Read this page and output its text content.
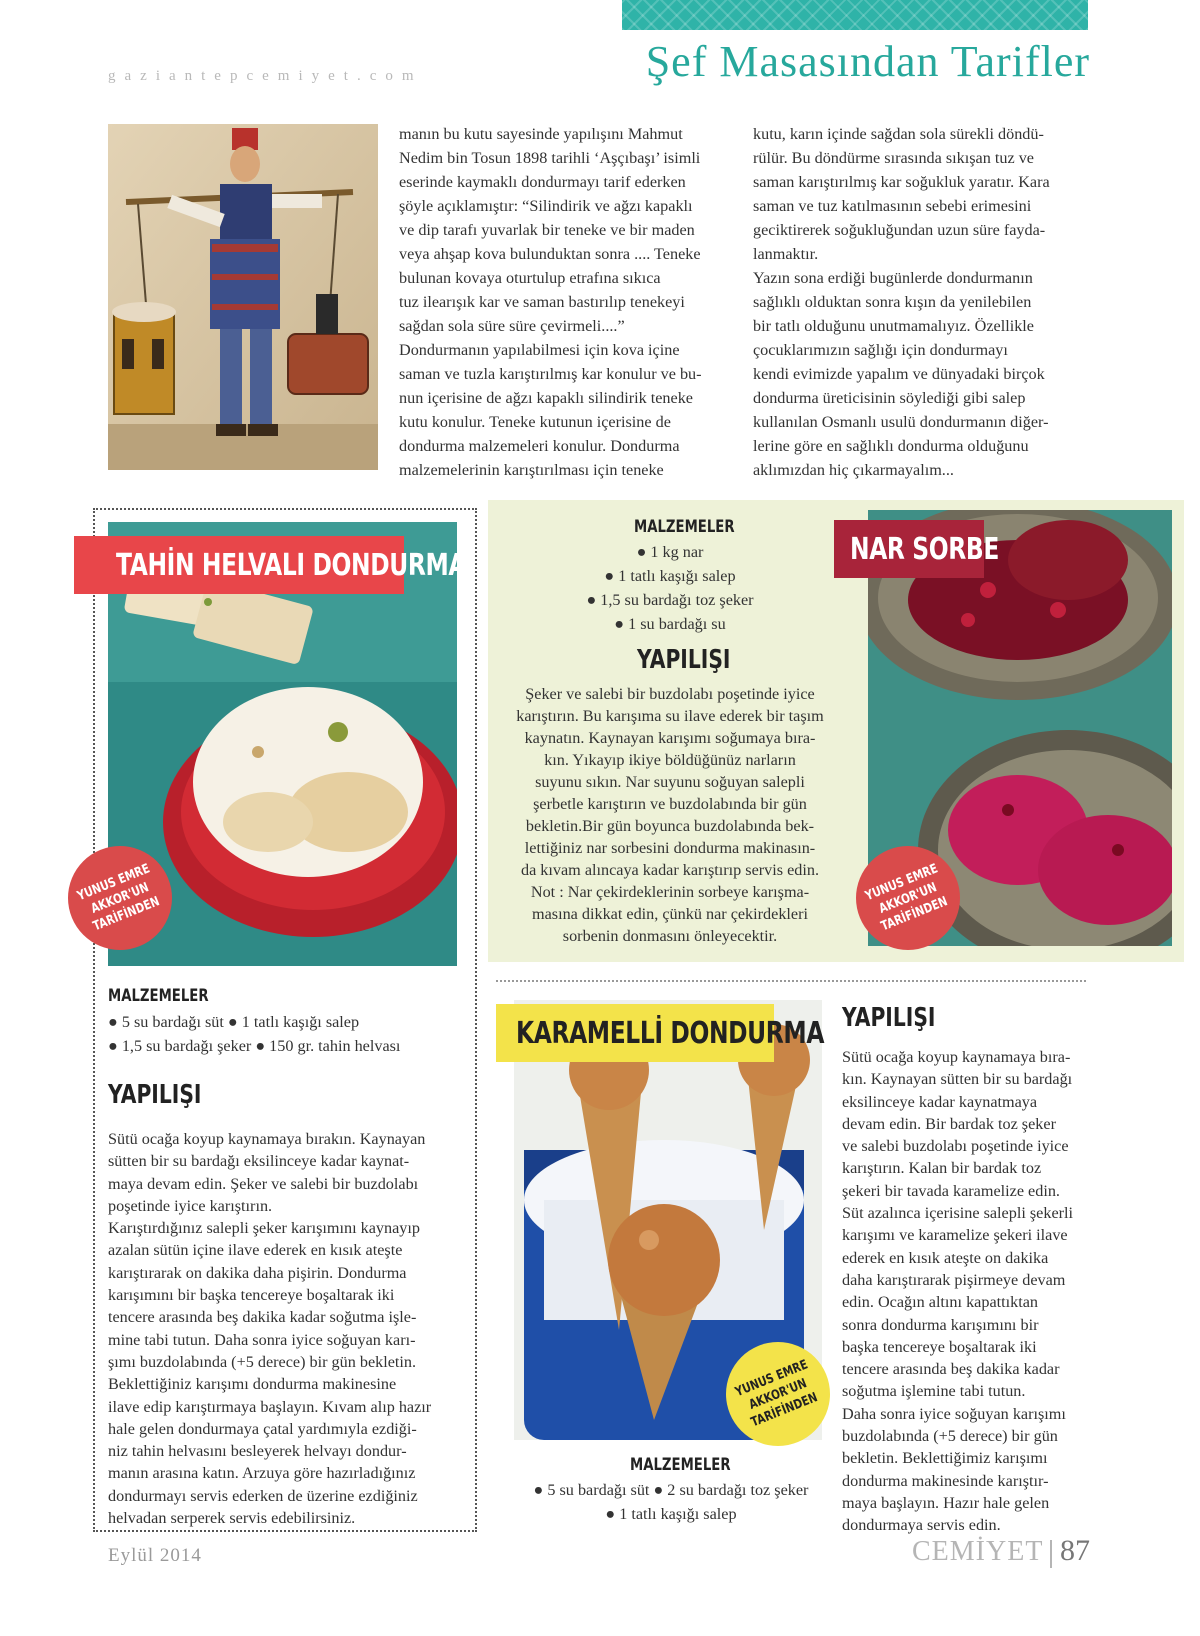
gaziantepcemiyet.com	Şef Masasından Tarifler

manın bu kutu sayesinde yapılışını Mahmut

Nedim bin Tosun 1898 tarihli ‘Aşçıbaşı’ isimli

eserinde kaymaklı dondurmayı tarif ederken

şöyle açıklamıştır: “Silindirik ve ağzı kapaklı

ve dip tarafı yuvarlak bir teneke ve bir maden

veya ahşap kova bulunduktan sonra .... Teneke

bulunan kovaya oturtulup etrafına sıkıca

tuz ilearışık kar ve saman bastırılıp tenekeyi

sağdan sola süre süre çevirmeli....”

Dondurmanın yapılabilmesi için kova içine

saman ve tuzla karıştırılmış kar konulur ve bu-

nun içerisine de ağzı kapaklı silindirik teneke

kutu konulur. Teneke kutunun içerisine de

dondurma malzemeleri konulur. Dondurma

malzemelerinin karıştırılması için teneke

kutu, karın içinde sağdan sola sürekli döndü-

rülür. Bu döndürme sırasında sıkışan tuz ve

saman karıştırılmış kar soğukluk yaratır. Kara

saman ve tuz katılmasının sebebi erimesini

geciktirerek soğukluğundan uzun süre fayda-

lanmaktır.

Yazın sona erdiği bugünlerde dondurmanın

sağlıklı olduktan sonra kışın da yenilebilen

bir tatlı olduğunu unutmamalıyız. Özellikle

çocuklarımızın sağlığı için dondurmayı

kendi evimizde yapalım ve dünyadaki birçok

dondurma üreticisinin söylediği gibi salep

kullanılan Osmanlı usulü dondurmanın diğer-

lerine göre en sağlıklı dondurma olduğunu

aklımızdan hiç çıkarmayalım...

TAHİN HELVALI DONDURMA
YUNUS EMRE
AKKOR'UN
TARİFİNDEN
MALZEMELER

● 5 su bardağı süt ● 1 tatlı kaşığı salep

● 1,5 su bardağı şeker ● 150 gr. tahin helvası

YAPILIŞI

Sütü ocağa koyup kaynamaya bırakın. Kaynayan

sütten bir su bardağı eksilinceye kadar kaynat-

maya devam edin. Şeker ve salebi bir buzdolabı

poşetinde iyice karıştırın.

Karıştırdığınız salepli şeker karışımını kaynayıp

azalan sütün içine ilave ederek en kısık ateşte

karıştırarak on dakika daha pişirin. Dondurma

karışımını bir başka tencereye boşaltarak iki

tencere arasında beş dakika kadar soğutma işle-

mine tabi tutun. Daha sonra iyice soğuyan karı-

şımı buzdolabında (+5 derece) bir gün bekletin.

Beklettiğiniz karışımı dondurma makinesine

ilave edip karıştırmaya başlayın. Kıvam alıp hazır

hale gelen dondurmaya çatal yardımıyla ezdiği-

niz tahin helvasını besleyerek helvayı dondur-

manın arasına katın. Arzuya göre hazırladığınız

dondurmayı servis ederken de üzerine ezdiğiniz

helvadan serperek servis edebilirsiniz.

NAR SORBE
YUNUS EMRE
AKKOR'UN
TARİFİNDEN
MALZEMELER

● 1 kg nar

● 1 tatlı kaşığı salep

● 1,5 su bardağı toz şeker

● 1 su bardağı su

YAPILIŞI

Şeker ve salebi bir buzdolabı poşetinde iyice

karıştırın. Bu karışıma su ilave ederek bir taşım

kaynatın. Kaynayan karışımı soğumaya bıra-

kın. Yıkayıp ikiye böldüğünüz narların

suyunu sıkın. Nar suyunu soğuyan salepli

şerbetle karıştırın ve buzdolabında bir gün

bekletin.Bir gün boyunca buzdolabında bek-

lettiğiniz nar sorbesini dondurma makinasın-

da kıvam alıncaya kadar karıştırıp servis edin.

Not : Nar çekirdeklerinin sorbeye karışma-

masına dikkat edin, çünkü nar çekirdekleri

sorbenin donmasını önleyecektir.

KARAMELLİ DONDURMA
YUNUS EMRE
AKKOR'UN
TARİFİNDEN
MALZEMELER

● 5 su bardağı süt ● 2 su bardağı toz şeker

● 1 tatlı kaşığı salep

YAPILIŞI

Sütü ocağa koyup kaynamaya bıra-

kın. Kaynayan sütten bir su bardağı

eksilinceye kadar kaynatmaya

devam edin. Bir bardak toz şeker

ve salebi buzdolabı poşetinde iyice

karıştırın. Kalan bir bardak toz

şekeri bir tavada karamelize edin.

Süt azalınca içerisine salepli şekerli

karışımı ve karamelize şekeri ilave

ederek en kısık ateşte on dakika

daha karıştırarak pişirmeye devam

edin. Ocağın altını kapattıktan

sonra dondurma karışımını bir

başka tencereye boşaltarak iki

tencere arasında beş dakika kadar

soğutma işlemine tabi tutun.

Daha sonra iyice soğuyan karışımı

buzdolabında (+5 derece) bir gün

bekletin. Beklettiğimiz karışımı

dondurma makinesinde karıştır-

maya başlayın. Hazır hale gelen

dondurmaya servis edin.

Eylül 2014	CEMİYET 87
